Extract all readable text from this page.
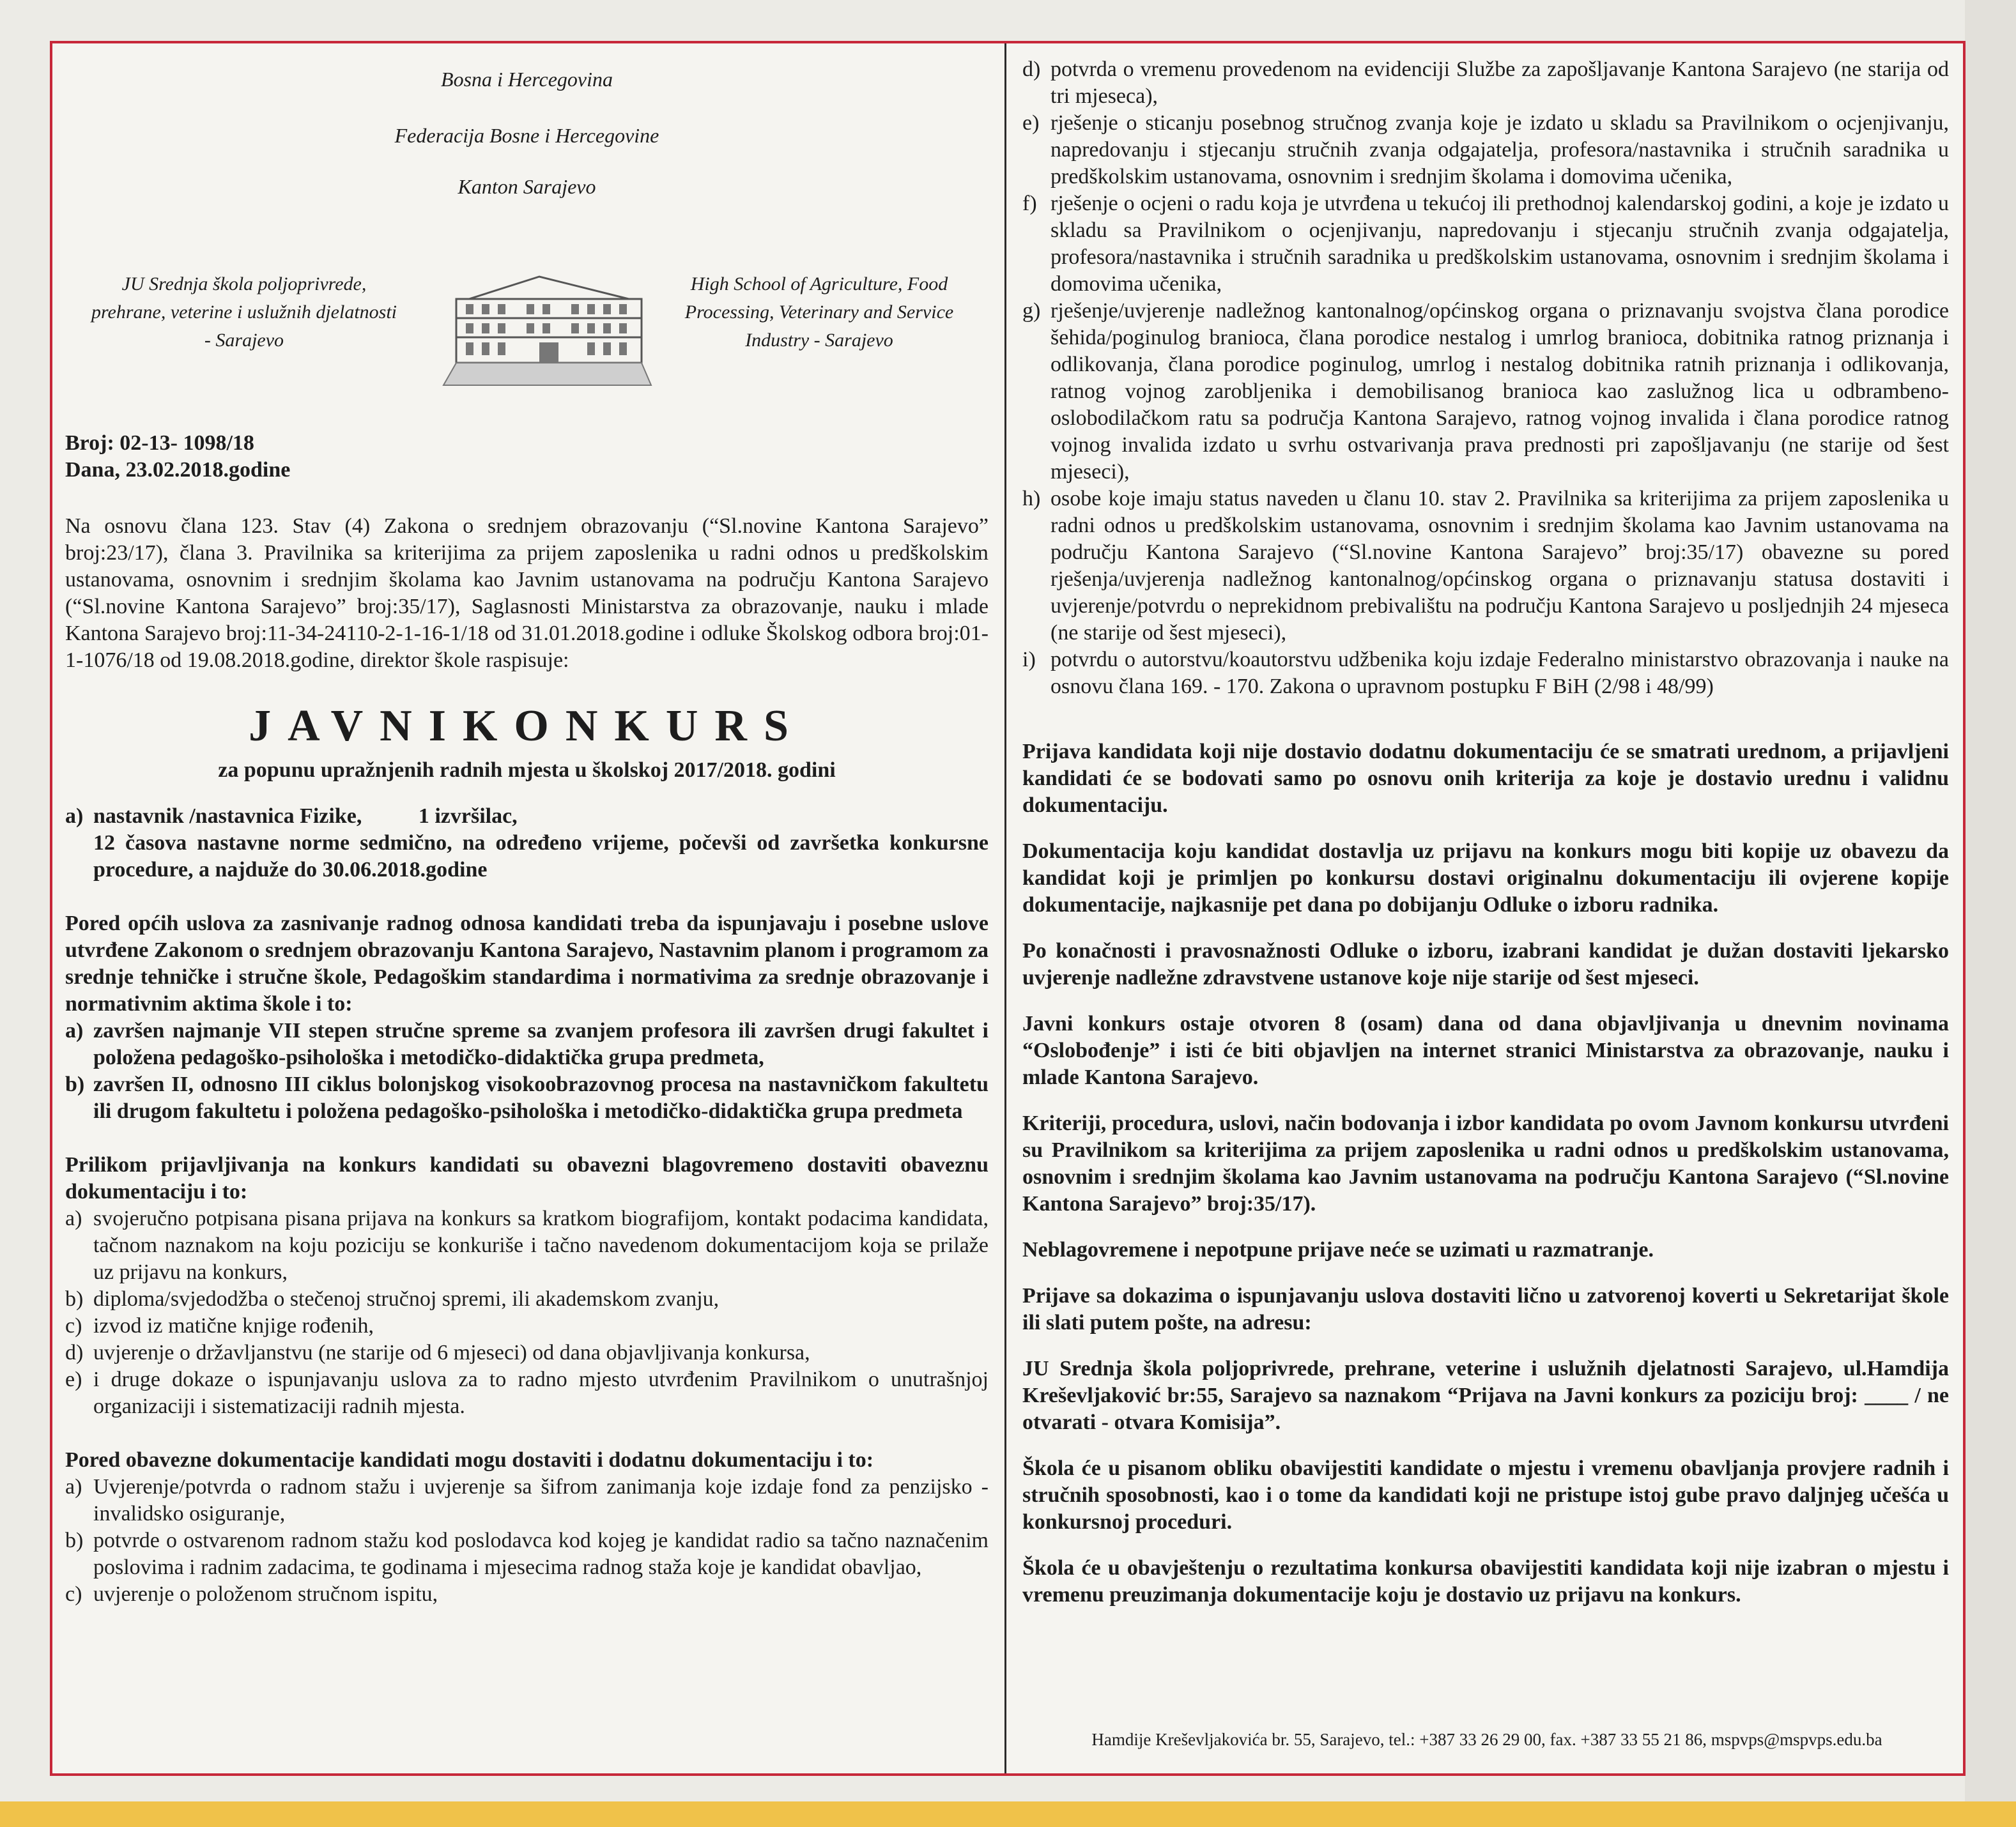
Bosna i Hercegovina

Federacija Bosne i Hercegovine

Kanton Sarajevo

JU Srednja škola poljoprivrede,

prehrane, veterine i uslužnih djelatnosti

- Sarajevo

High School of Agriculture, Food

Processing, Veterinary and Service

Industry - Sarajevo

Broj: 02-13- 1098/18

Dana, 23.02.2018.godine

Na osnovu člana 123. Stav (4) Zakona o srednjem obrazovanju (“Sl.novine Kantona Sarajevo” broj:23/17), člana 3. Pravilnika sa kriterijima za prijem zaposlenika u radni odnos u predškolskim ustanovama, osnovnim i srednjim školama kao Javnim ustanovama na području Kantona Sarajevo (“Sl.novine Kantona Sarajevo” broj:35/17), Saglasnosti Ministarstva za obrazovanje, nauku i mlade Kantona Sarajevo broj:11-34-24110-2-1-16-1/18 od 31.01.2018.godine i odluke Školskog odbora broj:01-1-1076/18 od 19.08.2018.godine, direktor škole raspisuje:

JAVNIKONKURS

za popunu upražnjenih radnih mjesta u školskoj 2017/2018. godini

a) nastavnik /nastavnica Fizike,	1 izvršilac,

12 časova nastavne norme sedmično, na određeno vrijeme, počevši od završetka konkursne procedure, a najduže do 30.06.2018.godine

Pored općih uslova za zasnivanje radnog odnosa kandidati treba da ispunjavaju i posebne uslove utvrđene Zakonom o srednjem obrazovanju Kantona Sarajevo, Nastavnim planom i programom za srednje tehničke i stručne škole, Pedagoškim standardima i normativima za srednje obrazovanje i normativnim aktima škole i to:

a) završen najmanje VII stepen stručne spreme sa zvanjem profesora ili završen drugi fakultet i položena pedagoško-psihološka i metodičko-didaktička grupa predmeta,
b) završen II, odnosno III ciklus bolonjskog visokoobrazovnog procesa na nastavničkom fakultetu ili drugom fakultetu i položena pedagoško-psihološka i metodičko-didaktička grupa predmeta

Prilikom prijavljivanja na konkurs kandidati su obavezni blagovremeno dostaviti obaveznu dokumentaciju i to:

a) svojeručno potpisana pisana prijava na konkurs sa kratkom biografijom, kontakt podacima kandidata, tačnom naznakom na koju poziciju se konkuriše i tačno navedenom dokumentacijom koja se prilaže uz prijavu na konkurs,
b) diploma/svjedodžba o stečenoj stručnoj spremi, ili akademskom zvanju,
c) izvod iz matične knjige rođenih,
d) uvjerenje o državljanstvu (ne starije od 6 mjeseci) od dana objavljivanja konkursa,
e) i druge dokaze o ispunjavanju uslova za to radno mjesto utvrđenim Pravilnikom o unutrašnjoj organizaciji i sistematizaciji radnih mjesta.

Pored obavezne dokumentacije kandidati mogu dostaviti i dodatnu dokumentaciju i to:

a) Uvjerenje/potvrda o radnom stažu i uvjerenje sa šifrom zanimanja koje izdaje fond za penzijsko - invalidsko osiguranje,
b) potvrde o ostvarenom radnom stažu kod poslodavca kod kojeg je kandidat radio sa tačno naznačenim poslovima i radnim zadacima, te godinama i mjesecima radnog staža koje je kandidat obavljao,
c) uvjerenje o položenom stručnom ispitu,
d) potvrda o vremenu provedenom na evidenciji Službe za zapošljavanje Kantona Sarajevo (ne starija od tri mjeseca),
e) rješenje o sticanju posebnog stručnog zvanja koje je izdato u skladu sa Pravilnikom o ocjenjivanju, napredovanju i stjecanju stručnih zvanja odgajatelja, profesora/nastavnika i stručnih saradnika u predškolskim ustanovama, osnovnim i srednjim školama i domovima učenika,
f) rješenje o ocjeni o radu koja je utvrđena u tekućoj ili prethodnoj kalendarskoj godini, a koje je izdato u skladu sa Pravilnikom o ocjenjivanju, napredovanju i stjecanju stručnih zvanja odgajatelja, profesora/nastavnika i stručnih saradnika u predškolskim ustanovama, osnovnim i srednjim školama i domovima učenika,
g) rješenje/uvjerenje nadležnog kantonalnog/općinskog organa o priznavanju svojstva člana porodice šehida/poginulog branioca, člana porodice nestalog i umrlog branioca, dobitnika ratnog priznanja i odlikovanja, člana porodice poginulog, umrlog i nestalog dobitnika ratnih priznanja i odlikovanja, ratnog vojnog zarobljenika i demobilisanog branioca kao zaslužnog lica u odbrambeno-oslobodilačkom ratu sa područja Kantona Sarajevo, ratnog vojnog invalida i člana porodice ratnog vojnog invalida izdato u svrhu ostvarivanja prava prednosti pri zapošljavanju (ne starije od šest mjeseci),
h) osobe koje imaju status naveden u članu 10. stav 2. Pravilnika sa kriterijima za prijem zaposlenika u radni odnos u predškolskim ustanovama, osnovnim i srednjim školama kao Javnim ustanovama na području Kantona Sarajevo (“Sl.novine Kantona Sarajevo” broj:35/17) obavezne su pored rješenja/uvjerenja nadležnog kantonalnog/općinskog organa o priznavanju statusa dostaviti i uvjerenje/potvrdu o neprekidnom prebivalištu na području Kantona Sarajevo u posljednjih 24 mjeseca (ne starije od šest mjeseci),
i) potvrdu o autorstvu/koautorstvu udžbenika koju izdaje Federalno ministarstvo obrazovanja i nauke na osnovu člana 169. - 170. Zakona o upravnom postupku F BiH (2/98 i 48/99)

Prijava kandidata koji nije dostavio dodatnu dokumentaciju će se smatrati urednom, a prijavljeni kandidati će se bodovati samo po osnovu onih kriterija za koje je dostavio urednu i validnu dokumentaciju.

Dokumentacija koju kandidat dostavlja uz prijavu na konkurs mogu biti kopije uz obavezu da kandidat koji je primljen po konkursu dostavi originalnu dokumentaciju ili ovjerene kopije dokumentacije, najkasnije pet dana po dobijanju Odluke o izboru radnika.

Po konačnosti i pravosnažnosti Odluke o izboru, izabrani kandidat je dužan dostaviti ljekarsko uvjerenje nadležne zdravstvene ustanove koje nije starije od šest mjeseci.

Javni konkurs ostaje otvoren 8 (osam) dana od dana objavljivanja u dnevnim novinama “Oslobođenje” i isti će biti objavljen na internet stranici Ministarstva za obrazovanje, nauku i mlade Kantona Sarajevo.

Kriteriji, procedura, uslovi, način bodovanja i izbor kandidata po ovom Javnom konkursu utvrđeni su Pravilnikom sa kriterijima za prijem zaposlenika u radni odnos u predškolskim ustanovama, osnovnim i srednjim školama kao Javnim ustanovama na području Kantona Sarajevo (“Sl.novine Kantona Sarajevo” broj:35/17).

Neblagovremene i nepotpune prijave neće se uzimati u razmatranje.

Prijave sa dokazima o ispunjavanju uslova dostaviti lično u zatvorenoj koverti u Sekretarijat škole ili slati putem pošte, na adresu:

JU Srednja škola poljoprivrede, prehrane, veterine i uslužnih djelatnosti Sarajevo, ul.Hamdija Kreševljaković br:55, Sarajevo sa naznakom “Prijava na Javni konkurs za poziciju broj: ____ / ne otvarati - otvara Komisija”.

Škola će u pisanom obliku obavijestiti kandidate o mjestu i vremenu obavljanja provjere radnih i stručnih sposobnosti, kao i o tome da kandidati koji ne pristupe istoj gube pravo daljnjeg učešća u konkursnoj proceduri.

Škola će u obavještenju o rezultatima konkursa obavijestiti kandidata koji nije izabran o mjestu i vremenu preuzimanja dokumentacije koju je dostavio uz prijavu na konkurs.

Hamdije Kreševljakovića br. 55, Sarajevo, tel.: +387 33 26 29 00, fax. +387 33 55 21 86, mspvps@mspvps.edu.ba
